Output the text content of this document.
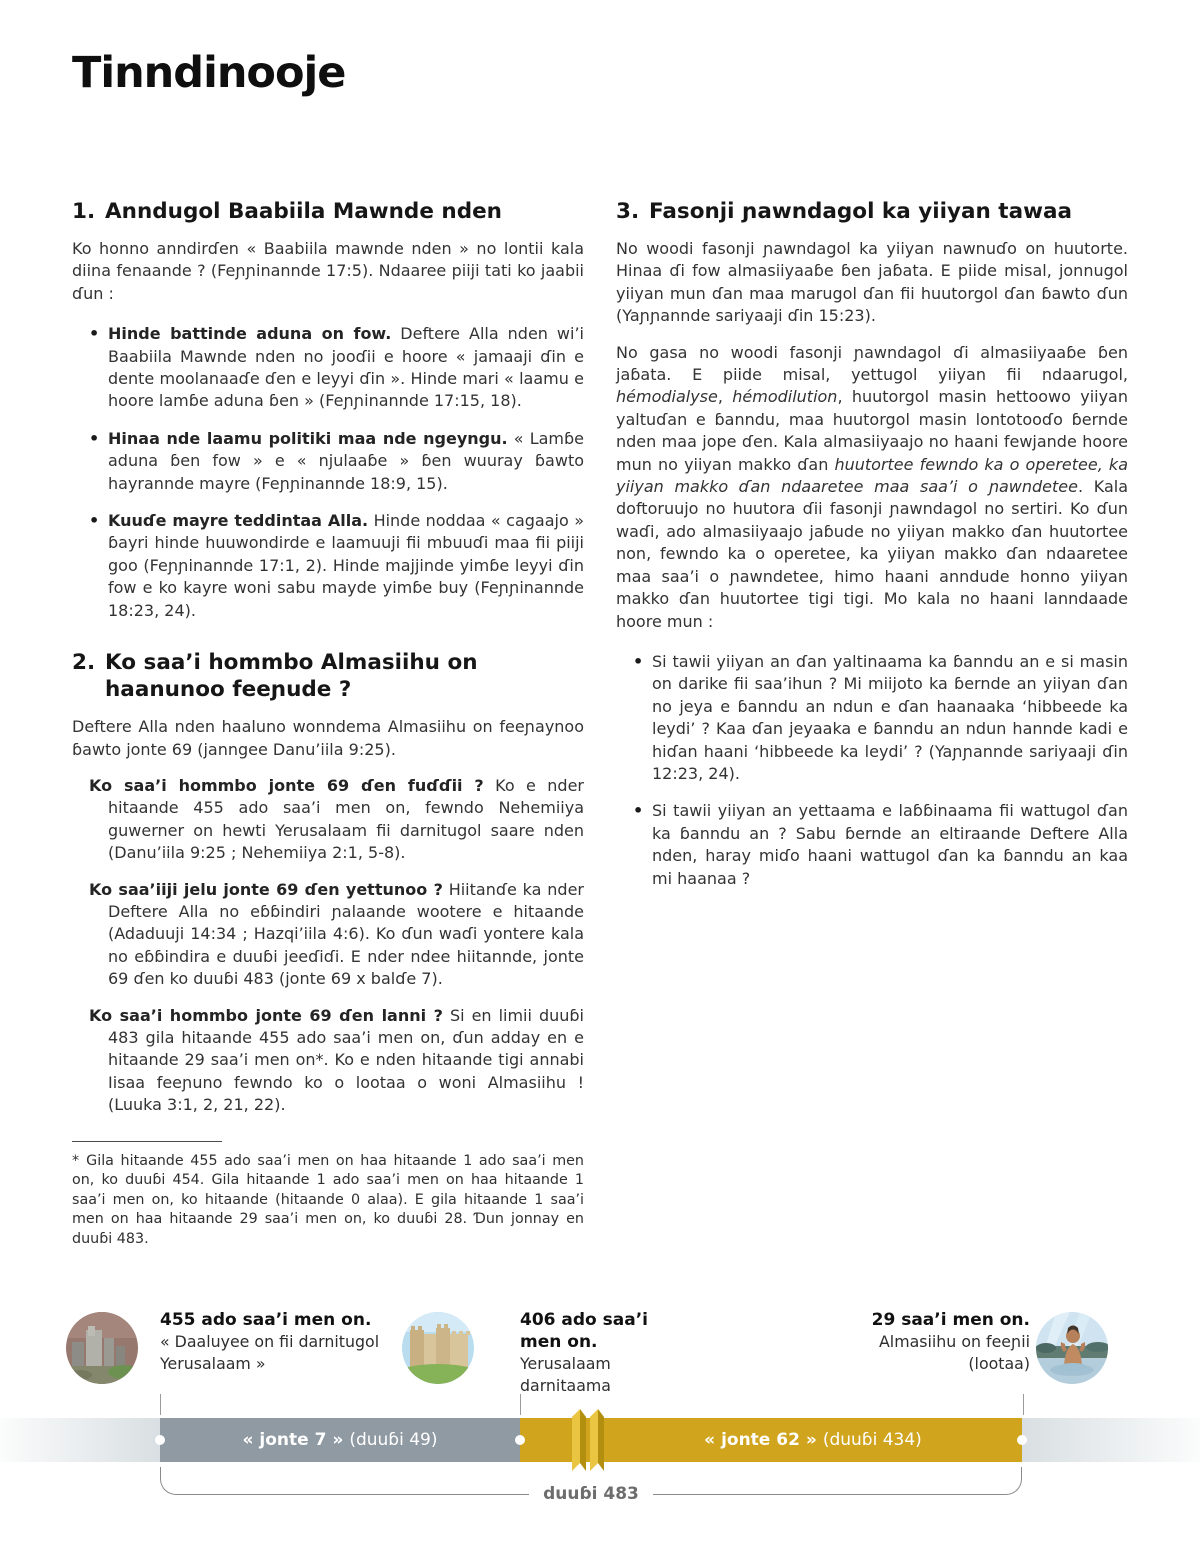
Tinndinooje
1. Anndugol Baabiila Mawnde nden

Ko honno anndirɗen « Baabiila mawnde nden » no lontii kala diina fenaande ? (Feɲɲinannde 17:5). Ndaaree piiji tati ko jaabii ɗun :

• Hinde battinde aduna on fow. Deftere Alla nden wi’i Baabiila Mawnde nden no jooɗii e hoore « jamaaji ɗin e dente moolanaaɗe ɗen e leyyi ɗin ». Hinde mari « laamu e hoore lamɓe aduna ɓen » (Feɲɲinannde 17:15, 18).
• Hinaa nde laamu politiki maa nde ngeyngu. « Lamɓe aduna ɓen fow » e « njulaaɓe » ɓen wuuray ɓawto hayrannde mayre (Feɲɲinannde 18:9, 15).
• Kuuɗe mayre teddintaa Alla. Hinde noddaa « cagaajo » ɓayri hinde huuwondirde e laamuuji fii mbuuɗi maa fii piiji goo (Feɲɲinannde 17:1, 2). Hinde majjinde yimɓe leyyi ɗin fow e ko kayre woni sabu mayde yimɓe buy (Feɲɲinannde 18:23, 24).
2. Ko saa’i hommbo Almasiihu on haanunoo feeɲude ?

Deftere Alla nden haaluno wonndema Almasiihu on feeɲaynoo ɓawto jonte 69 (janngee Danu’iila 9:25).

Ko saa’i hommbo jonte 69 ɗen fuɗɗii ? Ko e nder hitaande 455 ado saa’i men on, fewndo Nehemiiya guwerner on hewti Yerusalaam fii darnitugol saare nden (Danu’iila 9:25 ; Nehemiiya 2:1, 5-8).

Ko saa’iiji jelu jonte 69 ɗen yettunoo ? Hiitanɗe ka nder Deftere Alla no eɓɓindiri ɲalaande wootere e hitaande (Adaduuji 14:34 ; Hazqi’iila 4:6). Ko ɗun waɗi yontere kala no eɓɓindira e duuɓi jeeɗiɗi. E nder ndee hiitannde, jonte 69 ɗen ko duuɓi 483 (jonte 69 x balɗe 7).

Ko saa’i hommbo jonte 69 ɗen lanni ? Si en limii duuɓi 483 gila hitaande 455 ado saa’i men on, ɗun adday en e hitaande 29 saa’i men on*. Ko e nden hitaande tigi annabi Iisaa feeɲuno fewndo ko o lootaa o woni Almasiihu ! (Luuka 3:1, 2, 21, 22).

* Gila hitaande 455 ado saa’i men on haa hitaande 1 ado saa’i men on, ko duuɓi 454. Gila hitaande 1 ado saa’i men on haa hitaande 1 saa’i men on, ko hitaande (hitaande 0 alaa). E gila hitaande 1 saa’i men on haa hitaande 29 saa’i men on, ko duuɓi 28. Ɗun jonnay en duuɓi 483.

3. Fasonji ɲawndagol ka yiiyan tawaa

No woodi fasonji ɲawndagol ka yiiyan nawnuɗo on huutorte. Hinaa ɗi fow almasiiyaaɓe ɓen jaɓata. E piide misal, jonnugol yiiyan mun ɗan maa marugol ɗan fii huutorgol ɗan ɓawto ɗun (Yaɲɲannde sariyaaji ɗin 15:23).

No gasa no woodi fasonji ɲawndagol ɗi almasiiyaaɓe ɓen jaɓata. E piide misal, yettugol yiiyan fii ndaarugol, hémodialyse, hémodilution, huutorgol masin hettoowo yiiyan yaltuɗan e ɓanndu, maa huutorgol masin lontotooɗo ɓernde nden maa jope ɗen. Kala almasiiyaajo no haani fewjande hoore mun no yiiyan makko ɗan huutortee fewndo ka o operetee, ka yiiyan makko ɗan ndaaretee maa saa’i o ɲawndetee. Kala doftoruujo no huutora ɗii fasonji ɲawndagol no sertiri. Ko ɗun waɗi, ado almasiiyaajo jaɓude no yiiyan makko ɗan huutortee non, fewndo ka o operetee, ka yiiyan makko ɗan ndaaretee maa saa’i o ɲawndetee, himo haani anndude honno yiiyan makko ɗan huutortee tigi tigi. Mo kala no haani lanndaade hoore mun :

• Si tawii yiiyan an ɗan yaltinaama ka ɓanndu an e si masin on darike fii saa’ihun ? Mi miijoto ka ɓernde an yiiyan ɗan no jeya e ɓanndu an ndun e ɗan haanaaka ‘hibbeede ka leydi’ ? Kaa ɗan jeyaaka e ɓanndu an ndun hannde kadi e hiɗan haani ‘hibbeede ka leydi’ ? (Yaɲɲannde sariyaaji ɗin 12:23, 24).
• Si tawii yiiyan an yettaama e laɓɓinaama fii wattugol ɗan ka ɓanndu an ? Sabu ɓernde an eltiraande Deftere Alla nden, haray miɗo haani wattugol ɗan ka ɓanndu an kaa mi haanaa ?
455 ado saa’i men on.
« Daaluyee on fii darnitugol Yerusalaam »
406 ado saa’i men on.
Yerusalaam darnitaama
29 saa’i men on.
Almasiihu on feeɲii (lootaa)
« jonte 7 » (duuɓi 49)	« jonte 62 » (duuɓi 434)
duuɓi 483
